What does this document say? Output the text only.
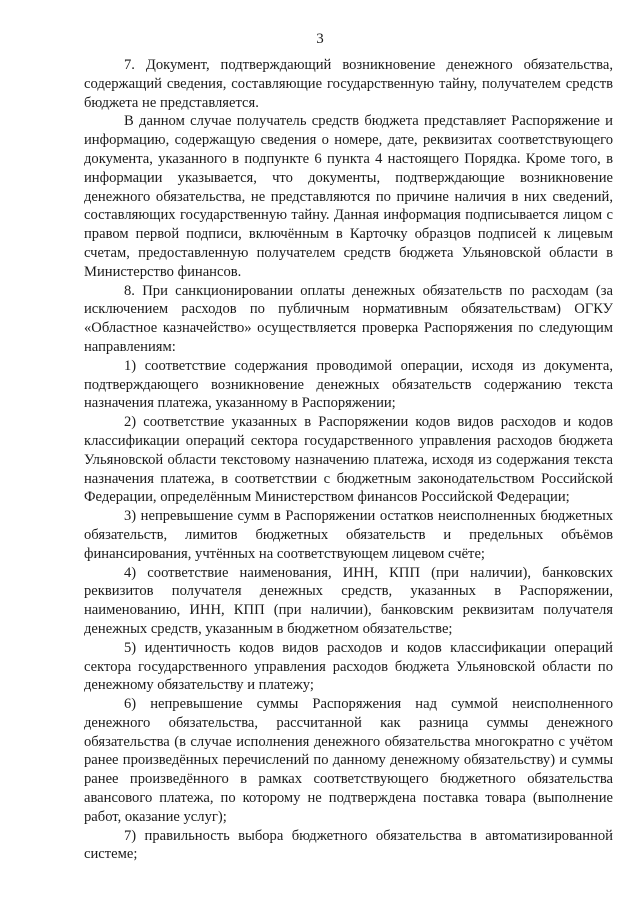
3

7. Документ, подтверждающий возникновение денежного обязательства, содержащий сведения, составляющие государственную тайну, получателем средств бюджета не представляется.

В данном случае получатель средств бюджета представляет Распоряжение и информацию, содержащую сведения о номере, дате, реквизитах соответствующего документа, указанного в подпункте 6 пункта 4 настоящего Порядка. Кроме того, в информации указывается, что документы, подтверждающие возникновение денежного обязательства, не представляются по причине наличия в них сведений, составляющих государственную тайну. Данная информация подписывается лицом с правом первой подписи, включённым в Карточку образцов подписей к лицевым счетам, предоставленную получателем средств бюджета Ульяновской области в Министерство финансов.

8. При санкционировании оплаты денежных обязательств по расходам (за исключением расходов по публичным нормативным обязательствам) ОГКУ «Областное казначейство» осуществляется проверка Распоряжения по следующим направлениям:

1) соответствие содержания проводимой операции, исходя из документа, подтверждающего возникновение денежных обязательств содержанию текста назначения платежа, указанному в Распоряжении;

2) соответствие указанных в Распоряжении кодов видов расходов и кодов классификации операций сектора государственного управления расходов бюджета Ульяновской области текстовому назначению платежа, исходя из содержания текста назначения платежа, в соответствии с бюджетным законодательством Российской Федерации, определённым Министерством финансов Российской Федерации;

3) непревышение сумм в Распоряжении остатков неисполненных бюджетных обязательств, лимитов бюджетных обязательств и предельных объёмов финансирования, учтённых на соответствующем лицевом счёте;

4) соответствие наименования, ИНН, КПП (при наличии), банковских реквизитов получателя денежных средств, указанных в Распоряжении, наименованию, ИНН, КПП (при наличии), банковским реквизитам получателя денежных средств, указанным в бюджетном обязательстве;

5) идентичность кодов видов расходов и кодов классификации операций сектора государственного управления расходов бюджета Ульяновской области по денежному обязательству и платежу;

6) непревышение суммы Распоряжения над суммой неисполненного денежного обязательства, рассчитанной как разница суммы денежного обязательства (в случае исполнения денежного обязательства многократно с учётом ранее произведённых перечислений по данному денежному обязательству) и суммы ранее произведённого в рамках соответствующего бюджетного обязательства авансового платежа, по которому не подтверждена поставка товара (выполнение работ, оказание услуг);

7) правильность выбора бюджетного обязательства в автоматизированной системе;
